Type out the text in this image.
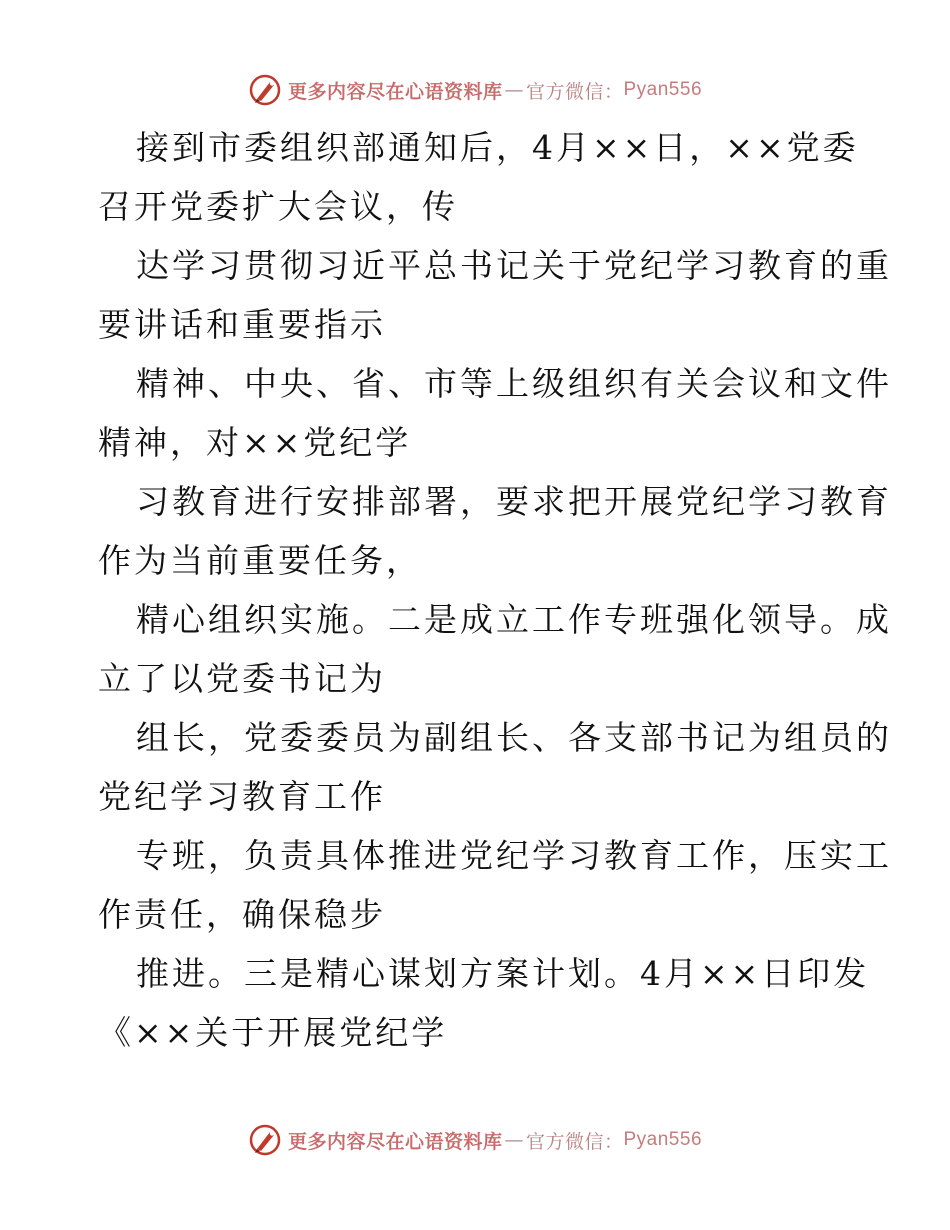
更多内容尽在心语资料库 — 官方微信： Pyan556
接到市委组织部通知后，4月××日，××党委
召开党委扩大会议，传
达学习贯彻习近平总书记关于党纪学习教育的重
要讲话和重要指示
精神、中央、省、市等上级组织有关会议和文件
精神，对××党纪学
习教育进行安排部署，要求把开展党纪学习教育
作为当前重要任务，
精心组织实施。二是成立工作专班强化领导。成
立了以党委书记为
组长，党委委员为副组长、各支部书记为组员的
党纪学习教育工作
专班，负责具体推进党纪学习教育工作，压实工
作责任，确保稳步
推进。三是精心谋划方案计划。4月××日印发
《××关于开展党纪学
更多内容尽在心语资料库 — 官方微信： Pyan556
